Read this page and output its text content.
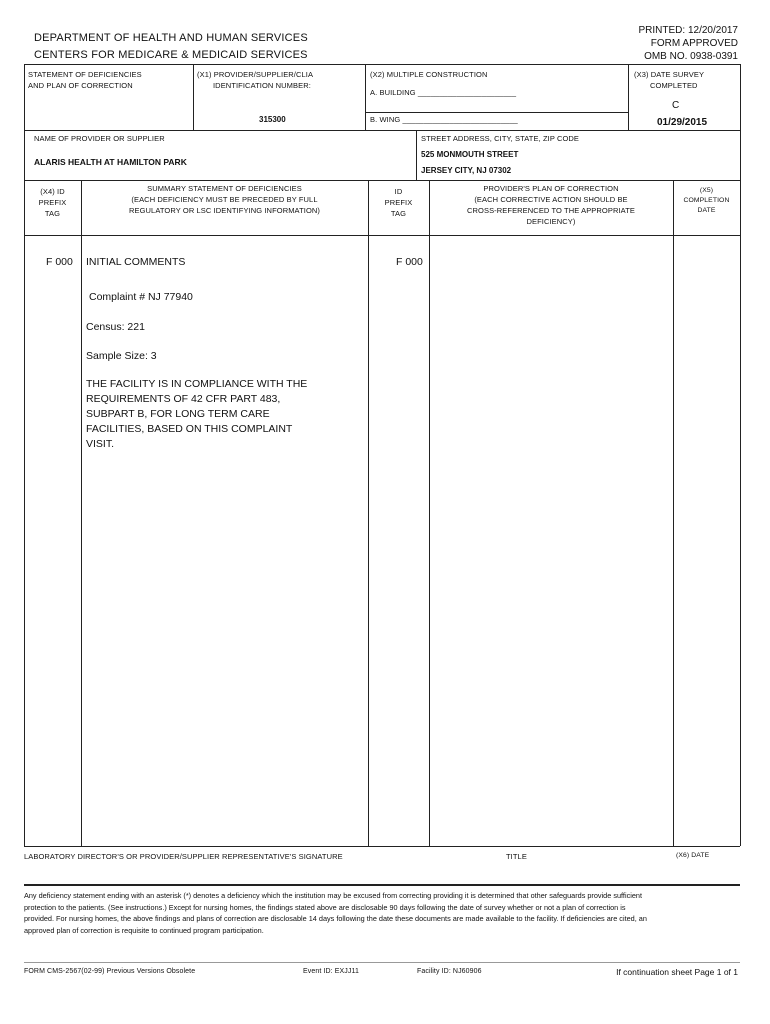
DEPARTMENT OF HEALTH AND HUMAN SERVICES
CENTERS FOR MEDICARE & MEDICAID SERVICES
PRINTED: 12/20/2017
FORM APPROVED
OMB NO. 0938-0391
STATEMENT OF DEFICIENCIES
AND PLAN OF CORRECTION
(X1) PROVIDER/SUPPLIER/CLIA
IDENTIFICATION NUMBER:
315300
(X2) MULTIPLE CONSTRUCTION
A. BUILDING _______________________
B. WING ___________________________
(X3) DATE SURVEY
COMPLETED
C
01/29/2015
NAME OF PROVIDER OR SUPPLIER
ALARIS HEALTH AT HAMILTON PARK
STREET ADDRESS, CITY, STATE, ZIP CODE
525 MONMOUTH STREET
JERSEY CITY, NJ 07302
(X4) ID
PREFIX
TAG
SUMMARY STATEMENT OF DEFICIENCIES
(EACH DEFICIENCY MUST BE PRECEDED BY FULL
REGULATORY OR LSC IDENTIFYING INFORMATION)
ID
PREFIX
TAG
PROVIDER'S PLAN OF CORRECTION
(EACH CORRECTIVE ACTION SHOULD BE
CROSS-REFERENCED TO THE APPROPRIATE
DEFICIENCY)
(X5)
COMPLETION
DATE
F 000 INITIAL COMMENTS	F 000
Complaint # NJ 77940
Census: 221
Sample Size: 3
THE FACILITY IS IN COMPLIANCE WITH THE
REQUIREMENTS OF 42 CFR PART 483,
SUBPART B, FOR LONG TERM CARE
FACILITIES, BASED ON THIS COMPLAINT
VISIT.
LABORATORY DIRECTOR'S OR PROVIDER/SUPPLIER REPRESENTATIVE'S SIGNATURE	TITLE	(X6) DATE
Any deficiency statement ending with an asterisk (*) denotes a deficiency which the institution may be excused from correcting providing it is determined that other safeguards provide sufficient protection to the patients. (See instructions.) Except for nursing homes, the findings stated above are disclosable 90 days following the date of survey whether or not a plan of correction is provided. For nursing homes, the above findings and plans of correction are disclosable 14 days following the date these documents are made available to the facility. If deficiencies are cited, an approved plan of correction is requisite to continued program participation.
FORM CMS-2567(02-99) Previous Versions Obsolete	Event ID: EXJJ11	Facility ID: NJ60906	If continuation sheet Page 1 of 1
